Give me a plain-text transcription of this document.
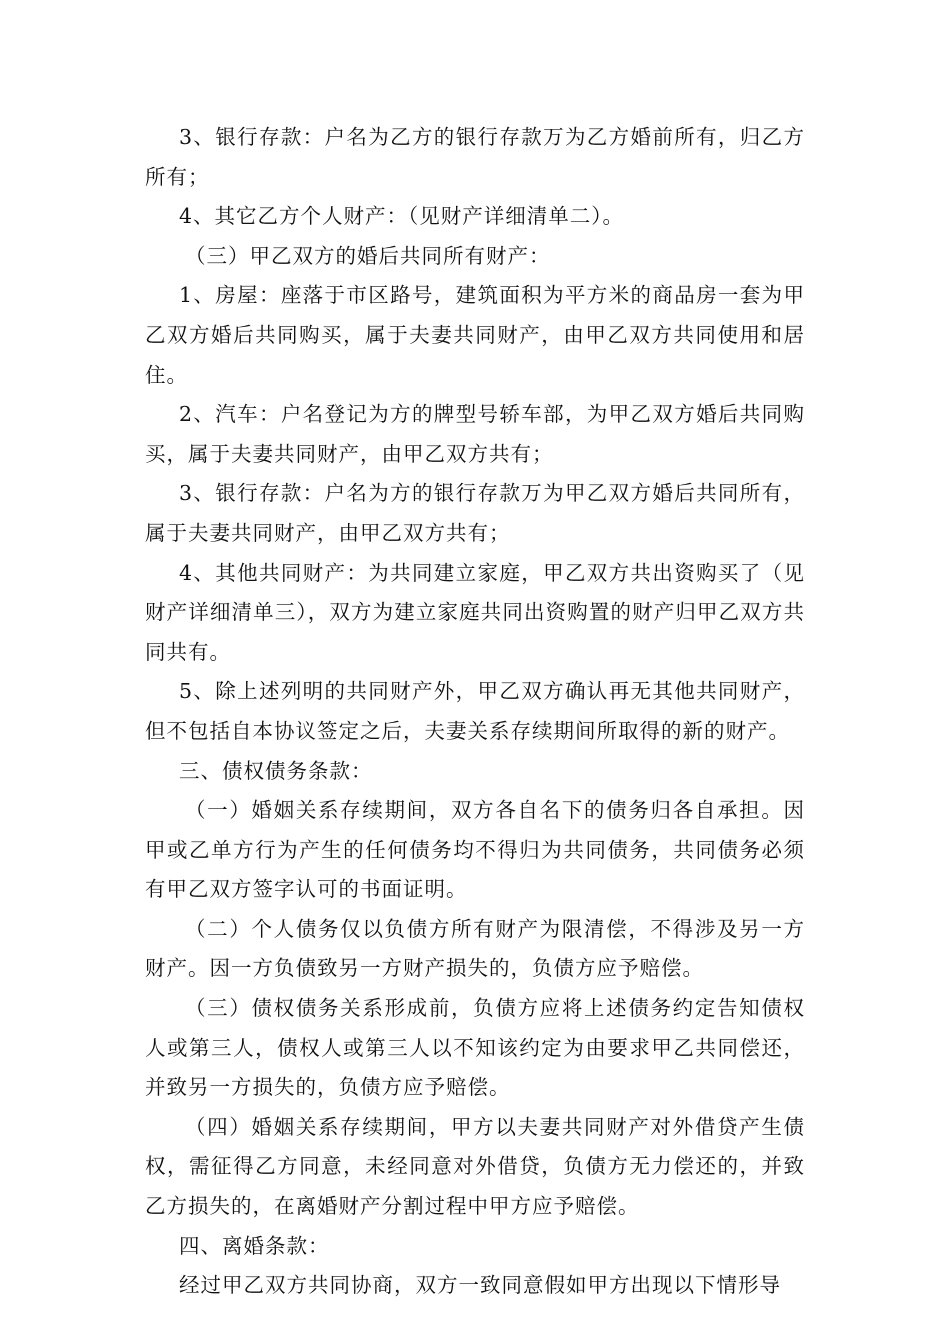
3、银行存款：户名为乙方的银行存款万为乙方婚前所有，归乙方所有；

4、其它乙方个人财产：（见财产详细清单二）。

（三）甲乙双方的婚后共同所有财产：

1、房屋：座落于市区路号，建筑面积为平方米的商品房一套为甲乙双方婚后共同购买，属于夫妻共同财产，由甲乙双方共同使用和居住。

2、汽车：户名登记为方的牌型号轿车部，为甲乙双方婚后共同购买，属于夫妻共同财产，由甲乙双方共有；

3、银行存款：户名为方的银行存款万为甲乙双方婚后共同所有，属于夫妻共同财产，由甲乙双方共有；

4、其他共同财产：为共同建立家庭，甲乙双方共出资购买了（见财产详细清单三），双方为建立家庭共同出资购置的财产归甲乙双方共同共有。

5、除上述列明的共同财产外，甲乙双方确认再无其他共同财产，但不包括自本协议签定之后，夫妻关系存续期间所取得的新的财产。

三、债权债务条款：

（一）婚姻关系存续期间，双方各自名下的债务归各自承担。因甲或乙单方行为产生的任何债务均不得归为共同债务，共同债务必须有甲乙双方签字认可的书面证明。

（二）个人债务仅以负债方所有财产为限清偿，不得涉及另一方财产。因一方负债致另一方财产损失的，负债方应予赔偿。

（三）债权债务关系形成前，负债方应将上述债务约定告知债权人或第三人，债权人或第三人以不知该约定为由要求甲乙共同偿还，并致另一方损失的，负债方应予赔偿。

（四）婚姻关系存续期间，甲方以夫妻共同财产对外借贷产生债权，需征得乙方同意，未经同意对外借贷，负债方无力偿还的，并致乙方损失的，在离婚财产分割过程中甲方应予赔偿。

四、离婚条款：

经过甲乙双方共同协商，双方一致同意假如甲方出现以下情形导
